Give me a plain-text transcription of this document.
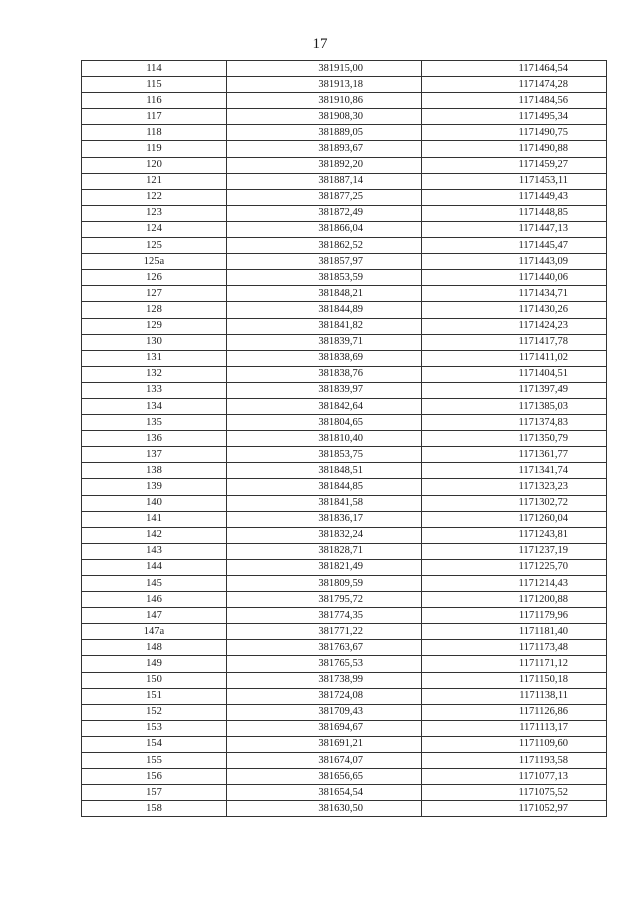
17
114	381915,00	1171464,54
115	381913,18	1171474,28
116	381910,86	1171484,56
117	381908,30	1171495,34
118	381889,05	1171490,75
119	381893,67	1171490,88
120	381892,20	1171459,27
121	381887,14	1171453,11
122	381877,25	1171449,43
123	381872,49	1171448,85
124	381866,04	1171447,13
125	381862,52	1171445,47
125a	381857,97	1171443,09
126	381853,59	1171440,06
127	381848,21	1171434,71
128	381844,89	1171430,26
129	381841,82	1171424,23
130	381839,71	1171417,78
131	381838,69	1171411,02
132	381838,76	1171404,51
133	381839,97	1171397,49
134	381842,64	1171385,03
135	381804,65	1171374,83
136	381810,40	1171350,79
137	381853,75	1171361,77
138	381848,51	1171341,74
139	381844,85	1171323,23
140	381841,58	1171302,72
141	381836,17	1171260,04
142	381832,24	1171243,81
143	381828,71	1171237,19
144	381821,49	1171225,70
145	381809,59	1171214,43
146	381795,72	1171200,88
147	381774,35	1171179,96
147a	381771,22	1171181,40
148	381763,67	1171173,48
149	381765,53	1171171,12
150	381738,99	1171150,18
151	381724,08	1171138,11
152	381709,43	1171126,86
153	381694,67	1171113,17
154	381691,21	1171109,60
155	381674,07	1171193,58
156	381656,65	1171077,13
157	381654,54	1171075,52
158	381630,50	1171052,97
